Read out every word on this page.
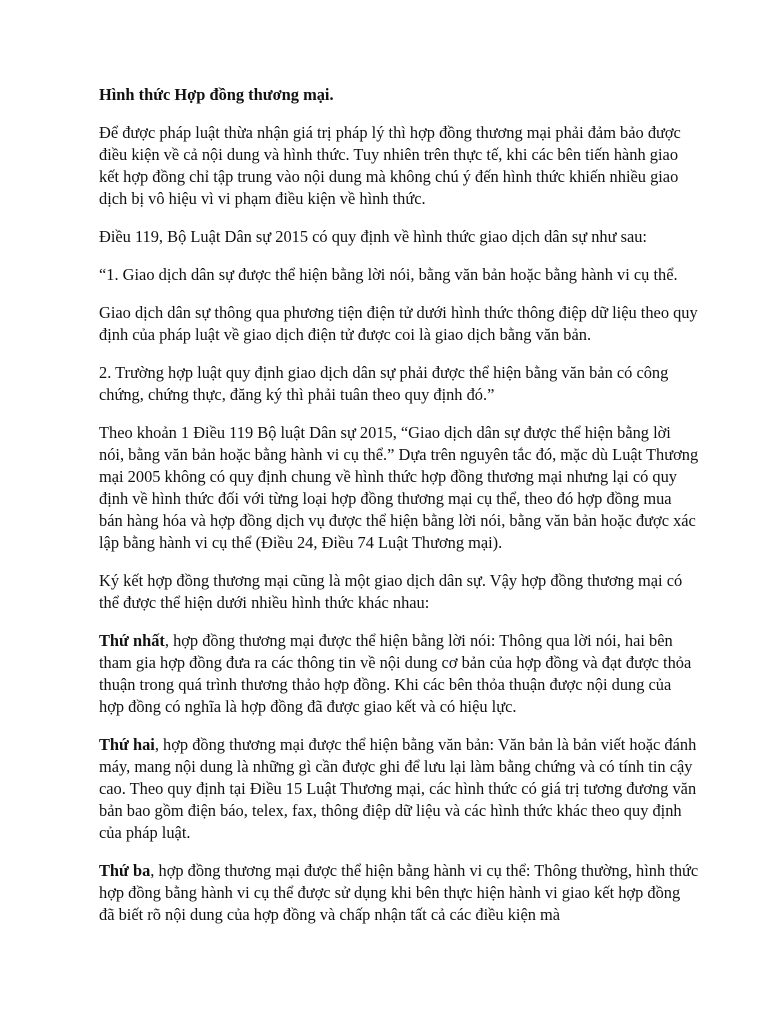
Hình thức Hợp đồng thương mại.

Để được pháp luật thừa nhận giá trị pháp lý thì hợp đồng thương mại phải đảm bảo được điều kiện về cả nội dung và hình thức. Tuy nhiên trên thực tế, khi các bên tiến hành giao kết hợp đồng chỉ tập trung vào nội dung mà không chú ý đến hình thức khiến nhiều giao dịch bị vô hiệu vì vi phạm điều kiện về hình thức.

Điều 119, Bộ Luật Dân sự 2015 có quy định về hình thức giao dịch dân sự như sau:

“1. Giao dịch dân sự được thể hiện bằng lời nói, bằng văn bản hoặc bằng hành vi cụ thể.

Giao dịch dân sự thông qua phương tiện điện tử dưới hình thức thông điệp dữ liệu theo quy định của pháp luật về giao dịch điện tử được coi là giao dịch bằng văn bản.

2. Trường hợp luật quy định giao dịch dân sự phải được thể hiện bằng văn bản có công chứng, chứng thực, đăng ký thì phải tuân theo quy định đó.”

Theo khoản 1 Điều 119 Bộ luật Dân sự 2015, “Giao dịch dân sự được thể hiện bằng lời nói, bằng văn bản hoặc bằng hành vi cụ thể.” Dựa trên nguyên tắc đó, mặc dù Luật Thương mại 2005 không có quy định chung về hình thức hợp đồng thương mại nhưng lại có quy định về hình thức đối với từng loại hợp đồng thương mại cụ thể, theo đó hợp đồng mua bán hàng hóa và hợp đồng dịch vụ được thể hiện bằng lời nói, bằng văn bản hoặc được xác lập bằng hành vi cụ thể (Điều 24, Điều 74 Luật Thương mại).

Ký kết hợp đồng thương mại cũng là một giao dịch dân sự. Vậy hợp đồng thương mại có thể được thể hiện dưới nhiều hình thức khác nhau:

Thứ nhất, hợp đồng thương mại được thể hiện bằng lời nói: Thông qua lời nói, hai bên tham gia hợp đồng đưa ra các thông tin về nội dung cơ bản của hợp đồng và đạt được thỏa thuận trong quá trình thương thảo hợp đồng. Khi các bên thỏa thuận được nội dung của hợp đồng có nghĩa là hợp đồng đã được giao kết và có hiệu lực.

Thứ hai, hợp đồng thương mại được thể hiện bằng văn bản: Văn bản là bản viết hoặc đánh máy, mang nội dung là những gì cần được ghi để lưu lại làm bằng chứng và có tính tin cậy cao. Theo quy định tại Điều 15 Luật Thương mại, các hình thức có giá trị tương đương văn bản bao gồm điện báo, telex, fax, thông điệp dữ liệu và các hình thức khác theo quy định của pháp luật.

Thứ ba, hợp đồng thương mại được thể hiện bằng hành vi cụ thể: Thông thường, hình thức hợp đồng bằng hành vi cụ thể được sử dụng khi bên thực hiện hành vi giao kết hợp đồng đã biết rõ nội dung của hợp đồng và chấp nhận tất cả các điều kiện mà
